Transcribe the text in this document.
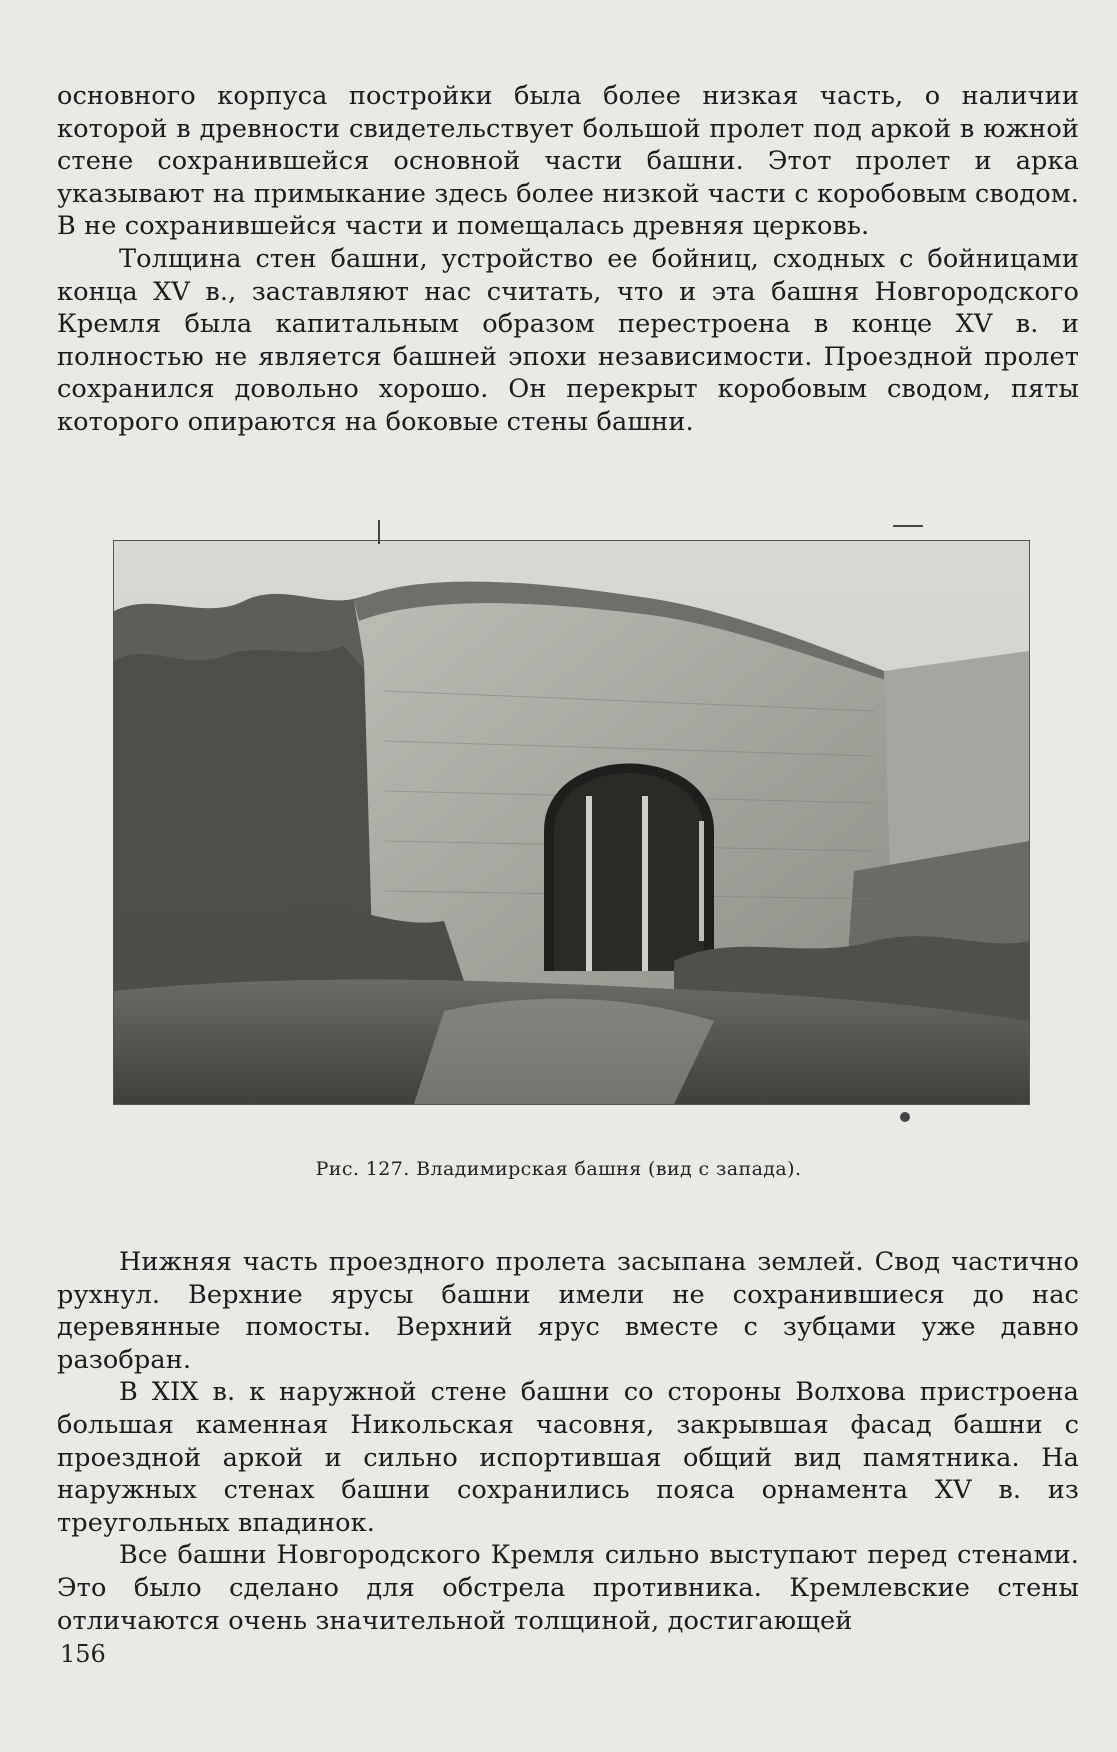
основного корпуса постройки была более низкая часть, о наличии которой в древности свидетельствует большой пролет под аркой в южной стене сохранившейся основной части башни. Этот пролет и арка указывают на примыкание здесь более низкой части с коробовым сводом. В не сохранившейся части и помещалась древняя церковь.

Толщина стен башни, устройство ее бойниц, сходных с бойницами конца XV в., заставляют нас считать, что и эта башня Новгородского Кремля была капитальным образом перестроена в конце XV в. и полностью не является башней эпохи независимости. Проездной пролет сохранился довольно хорошо. Он перекрыт коробовым сводом, пяты которого опираются на боковые стены башни.

Рис. 127. Владимирская башня (вид с запада).

Нижняя часть проездного пролета засыпана землей. Свод частично рухнул. Верхние ярусы башни имели не сохранившиеся до нас деревянные помосты. Верхний ярус вместе с зубцами уже давно разобран.

В XIX в. к наружной стене башни со стороны Волхова пристроена большая каменная Никольская часовня, закрывшая фасад башни с проездной аркой и сильно испортившая общий вид памятника. На наружных стенах башни сохранились пояса орнамента XV в. из треугольных впадинок.

Все башни Новгородского Кремля сильно выступают перед стенами. Это было сделано для обстрела противника. Кремлевские стены отличаются очень значительной толщиной, достигающей

156
